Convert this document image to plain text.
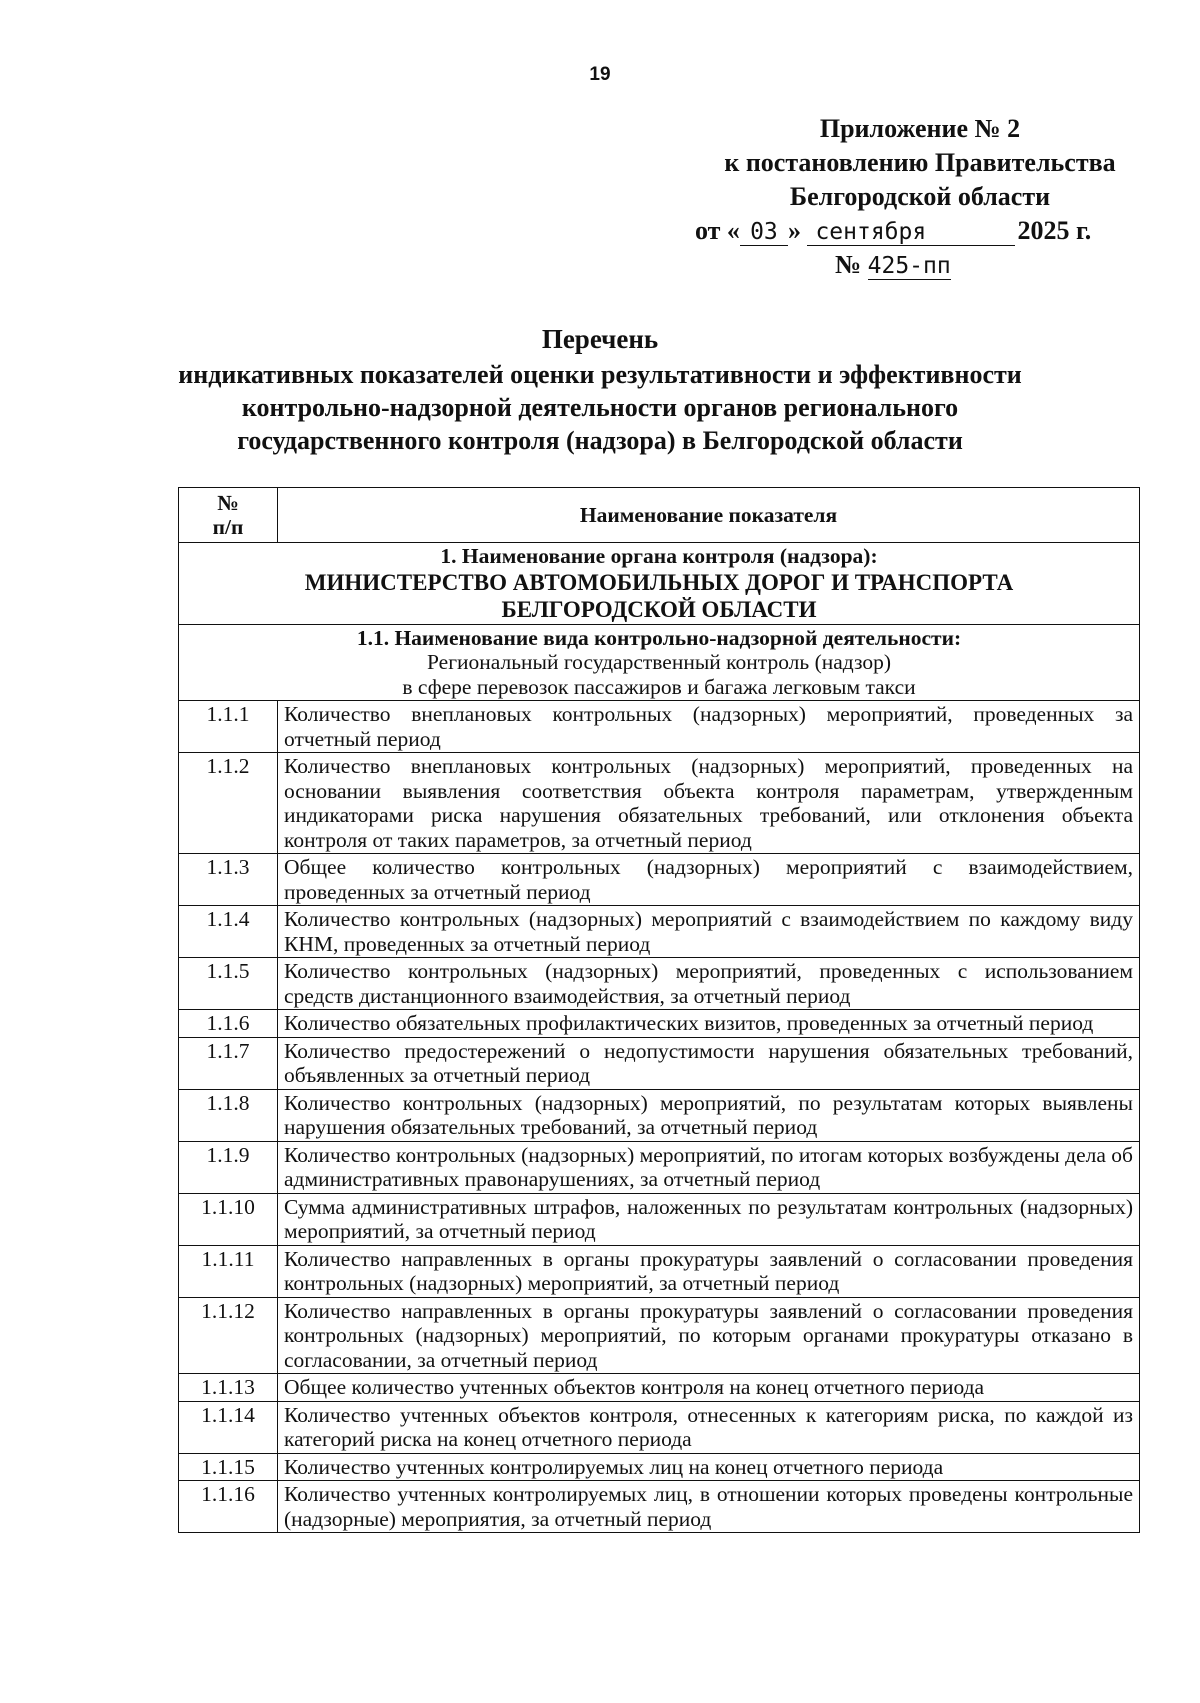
19
Приложение № 2
к постановлению Правительства
Белгородской области
от « 03 » сентября	2025 г.
№ 425-пп
Перечень
индикативных показателей оценки результативности и эффективности
контрольно-надзорной деятельности органов регионального
государственного контроля (надзора) в Белгородской области
№
п/п	Наименование показателя

1. Наименование органа контроля (надзора):
МИНИСТЕРСТВО АВТОМОБИЛЬНЫХ ДОРОГ И ТРАНСПОРТА
БЕЛГОРОДСКОЙ ОБЛАСТИ	

1.1. Наименование вида контрольно-надзорной деятельности:
Региональный государственный контроль (надзор)
в сфере перевозок пассажиров и багажа легковым такси	

1.1.1	Количество внеплановых контрольных (надзорных) мероприятий, проведенных за отчетный период
1.1.2	Количество внеплановых контрольных (надзорных) мероприятий, проведенных на основании выявления соответствия объекта контроля параметрам, утвержденным индикаторами риска нарушения обязательных требований, или отклонения объекта контроля от таких параметров, за отчетный период
1.1.3	Общее количество контрольных (надзорных) мероприятий с взаимодействием, проведенных за отчетный период
1.1.4	Количество контрольных (надзорных) мероприятий с взаимодействием по каждому виду КНМ, проведенных за отчетный период
1.1.5	Количество контрольных (надзорных) мероприятий, проведенных с использованием средств дистанционного взаимодействия, за отчетный период
1.1.6	Количество обязательных профилактических визитов, проведенных за отчетный период
1.1.7	Количество предостережений о недопустимости нарушения обязательных требований, объявленных за отчетный период
1.1.8	Количество контрольных (надзорных) мероприятий, по результатам которых выявлены нарушения обязательных требований, за отчетный период
1.1.9	Количество контрольных (надзорных) мероприятий, по итогам которых возбуждены дела об административных правонарушениях, за отчетный период
1.1.10	Сумма административных штрафов, наложенных по результатам контрольных (надзорных) мероприятий, за отчетный период
1.1.11	Количество направленных в органы прокуратуры заявлений о согласовании проведения контрольных (надзорных) мероприятий, за отчетный период
1.1.12	Количество направленных в органы прокуратуры заявлений о согласовании проведения контрольных (надзорных) мероприятий, по которым органами прокуратуры отказано в согласовании, за отчетный период
1.1.13	Общее количество учтенных объектов контроля на конец отчетного периода
1.1.14	Количество учтенных объектов контроля, отнесенных к категориям риска, по каждой из категорий риска на конец отчетного периода
1.1.15	Количество учтенных контролируемых лиц на конец отчетного периода
1.1.16	Количество учтенных контролируемых лиц, в отношении которых проведены контрольные (надзорные) мероприятия, за отчетный период
